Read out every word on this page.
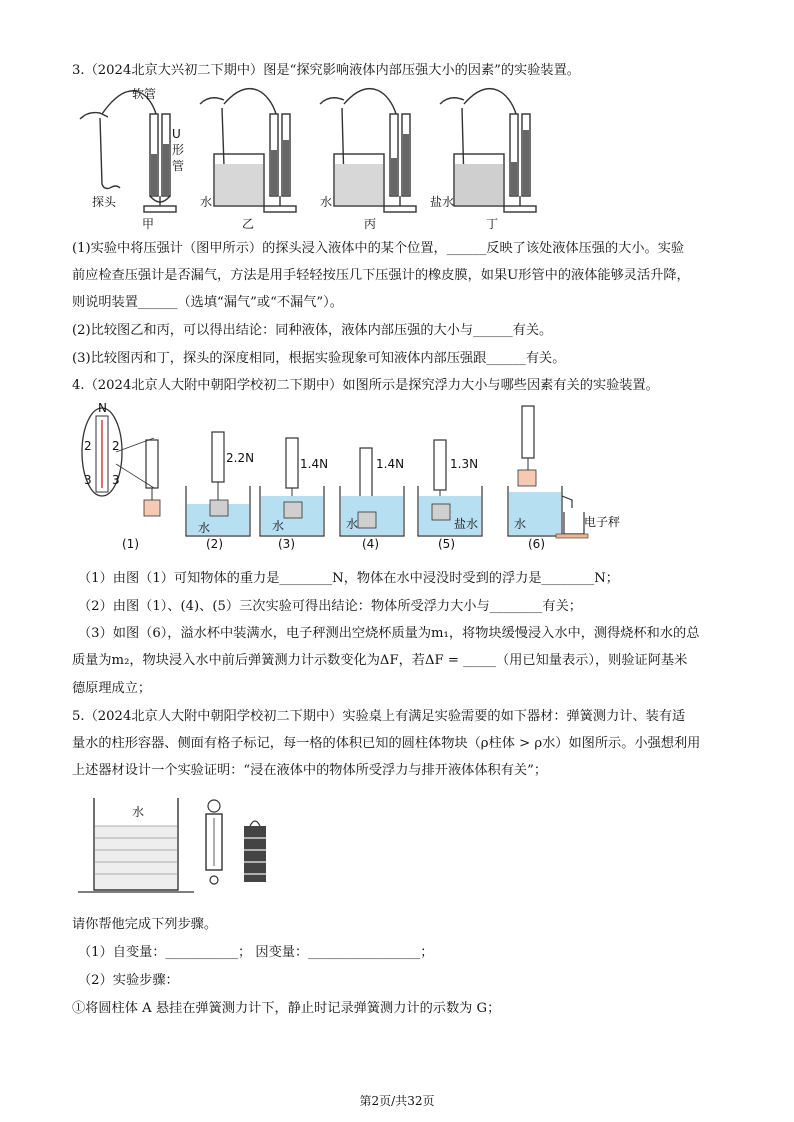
3.（2024北京大兴初二下期中）图是“探究影响液体内部压强大小的因素”的实验装置。
软管
U
形
管
探头
甲
水
乙
水
丙
盐水
丁
(1)实验中将压强计（图甲所示）的探头浸入液体中的某个位置，______反映了该处液体压强的大小。实验
前应检查压强计是否漏气，方法是用手轻轻按压几下压强计的橡皮膜，如果U形管中的液体能够灵活升降，
则说明装置______（选填“漏气”或“不漏气”）。
(2)比较图乙和丙，可以得出结论：同种液体，液体内部压强的大小与______有关。
(3)比较图丙和丁，探头的深度相同，根据实验现象可知液体内部压强跟______有关。
4.（2024北京人大附中朝阳学校初二下期中）如图所示是探究浮力大小与哪些因素有关的实验装置。
N
2 2
3 3
(1)
2.2N
水
(2)
1.4N
水
(3)
1.4N
水
(4)
1.3N
盐水
(5)
水	电子秤
(6)
（1）由图（1）可知物体的重力是________N，物体在水中浸没时受到的浮力是________N；
（2）由图（1）、(4)、(5）三次实验可得出结论：物体所受浮力大小与________有关；
（3）如图（6），溢水杯中装满水，电子秤测出空烧杯质量为m₁，将物块缓慢浸入水中，测得烧杯和水的总
质量为m₂，物块浸入水中前后弹簧测力计示数变化为ΔF，若ΔF = _____（用已知量表示），则验证阿基米
德原理成立；
5.（2024北京人大附中朝阳学校初二下期中）实验桌上有满足实验需要的如下器材：弹簧测力计、装有适
量水的柱形容器、侧面有格子标记，每一格的体积已知的圆柱体物块（ρ柱体 > ρ水）如图所示。小强想利用
上述器材设计一个实验证明：“浸在液体中的物体所受浮力与排开液体体积有关”；
水
请你帮他完成下列步骤。
（1）自变量：___________； 因变量：_________________；
（2）实验步骤：
①将圆柱体 A 悬挂在弹簧测力计下，静止时记录弹簧测力计的示数为 G；
第2页/共32页
